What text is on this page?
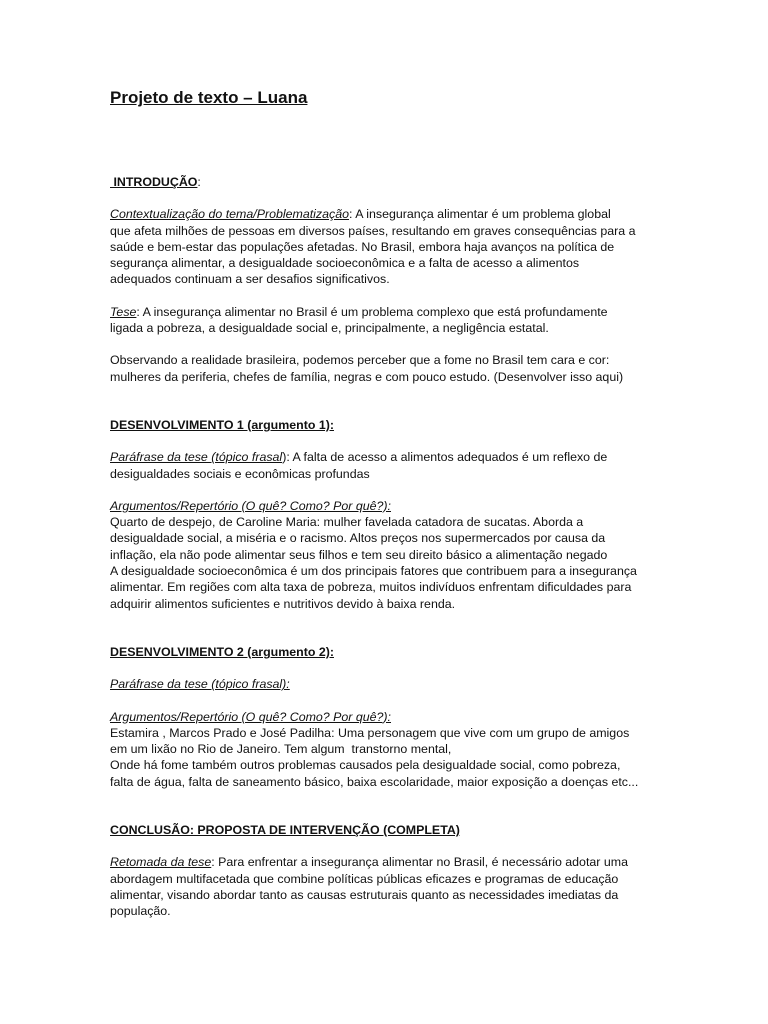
Projeto de texto – Luana

INTRODUÇÃO:

Contextualização do tema/Problematização: A insegurança alimentar é um problema global
que afeta milhões de pessoas em diversos países, resultando em graves consequências para a
saúde e bem-estar das populações afetadas. No Brasil, embora haja avanços na política de
segurança alimentar, a desigualdade socioeconômica e a falta de acesso a alimentos
adequados continuam a ser desafios significativos.

Tese: A insegurança alimentar no Brasil é um problema complexo que está profundamente
ligada a pobreza, a desigualdade social e, principalmente, a negligência estatal.

Observando a realidade brasileira, podemos perceber que a fome no Brasil tem cara e cor:
mulheres da periferia, chefes de família, negras e com pouco estudo. (Desenvolver isso aqui)

DESENVOLVIMENTO 1 (argumento 1):

Paráfrase da tese (tópico frasal): A falta de acesso a alimentos adequados é um reflexo de
desigualdades sociais e econômicas profundas

Argumentos/Repertório (O quê? Como? Por quê?):
Quarto de despejo, de Caroline Maria: mulher favelada catadora de sucatas. Aborda a
desigualdade social, a miséria e o racismo. Altos preços nos supermercados por causa da
inflação, ela não pode alimentar seus filhos e tem seu direito básico a alimentação negado
A desigualdade socioeconômica é um dos principais fatores que contribuem para a insegurança
alimentar. Em regiões com alta taxa de pobreza, muitos indivíduos enfrentam dificuldades para
adquirir alimentos suficientes e nutritivos devido à baixa renda.

DESENVOLVIMENTO 2 (argumento 2):

Paráfrase da tese (tópico frasal):

Argumentos/Repertório (O quê? Como? Por quê?):
Estamira , Marcos Prado e José Padilha: Uma personagem que vive com um grupo de amigos
em um lixão no Rio de Janeiro. Tem algum  transtorno mental,
Onde há fome também outros problemas causados pela desigualdade social, como pobreza,
falta de água, falta de saneamento básico, baixa escolaridade, maior exposição a doenças etc...

CONCLUSÃO: PROPOSTA DE INTERVENÇÃO (COMPLETA)

Retomada da tese: Para enfrentar a insegurança alimentar no Brasil, é necessário adotar uma
abordagem multifacetada que combine políticas públicas eficazes e programas de educação
alimentar, visando abordar tanto as causas estruturais quanto as necessidades imediatas da
população.
